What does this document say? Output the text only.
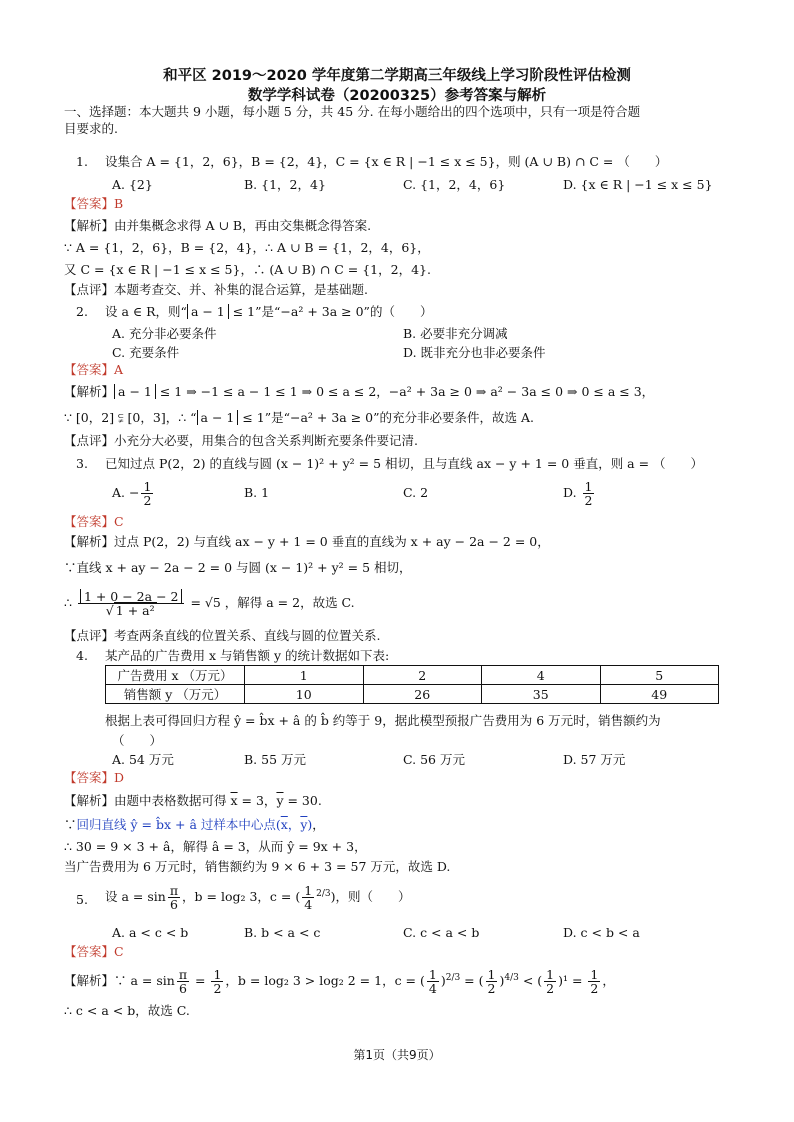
和平区 2019～2020 学年度第二学期高三年级线上学习阶段性评估检测
数学学科试卷（20200325）参考答案与解析
一、选择题：本大题共 9 小题，每小题 5 分，共 45 分. 在每小题给出的四个选项中，只有一项是符合题
目要求的.
1. 设集合 A = {1，2，6}，B = {2，4}，C = {x ∈ R | −1 ≤ x ≤ 5}，则 (A ∪ B) ∩ C = （　　）
A. {2}	B. {1，2，4}	C. {1，2，4，6}	D. {x ∈ R | −1 ≤ x ≤ 5}
【答案】B
【解析】由并集概念求得 A ∪ B，再由交集概念得答案.
∵ A = {1，2，6}，B = {2，4}，∴ A ∪ B = {1，2，4，6}，
又 C = {x ∈ R | −1 ≤ x ≤ 5}，∴ (A ∪ B) ∩ C = {1，2，4}.
【点评】本题考查交、并、补集的混合运算，是基础题.
2. 设 a ∈ R，则“ a − 1 ≤ 1”是“−a² + 3a ≥ 0”的（　　）
A. 充分非必要条件	B. 必要非充分调减
C. 充要条件	D. 既非充分也非必要条件
【答案】A
【解析】 a − 1 ≤ 1 ⇒ −1 ≤ a − 1 ≤ 1 ⇒ 0 ≤ a ≤ 2，−a² + 3a ≥ 0 ⇒ a² − 3a ≤ 0 ⇒ 0 ≤ a ≤ 3，
∵ [0，2] ⫋ [0，3]，∴ “ a − 1 ≤ 1”是“−a² + 3a ≥ 0”的充分非必要条件，故选 A.
【点评】小充分大必要，用集合的包含关系判断充要条件要记清.
3. 已知过点 P(2，2) 的直线与圆 (x − 1)² + y² = 5 相切，且与直线 ax − y + 1 = 0 垂直，则 a = （　　）
A. − $\frac{1}{2}$	B. 1	C. 2	D. $\frac{1}{2}$
【答案】C
【解析】过点 P(2，2) 与直线 ax − y + 1 = 0 垂直的直线为 x + ay − 2a − 2 = 0，
∵直线 x + ay − 2a − 2 = 0 与圆 (x − 1)² + y² = 5 相切，
∴ $\frac{1 + 0 - 2a - 2}{\text{√ 1 + a²}} = √5$ ，解得 a = 2，故选 C.
【点评】考查两条直线的位置关系、直线与圆的位置关系.
4. 某产品的广告费用 x 与销售额 y 的统计数据如下表:
广告费用 x （万元）	1	2	4	5
销售额 y （万元）	10	26	35	49
根据上表可得回归方程 ŷ = b̂x + â 的 b̂ 约等于 9，据此模型预报广告费用为 6 万元时，销售额约为
（　　）
A. 54 万元	B. 55 万元	C. 56 万元	D. 57 万元
【答案】D
【解析】由题中表格数据可得 $\overline{x} = 3$，$\overline{y} = 30$.
∵回归直线 ŷ = b̂x + â 过样本中心点($\overline{x}$，$\overline{y}$)，
∴ 30 = 9 × 3 + â，解得 â = 3，从而 ŷ = 9x + 3，
当广告费用为 6 万元时，销售额约为 9 × 6 + 3 = 57 万元，故选 D.
5. 设 $a = \sin \frac{\pi}{6}$ ，b = log₂ 3，c = ( $\frac{1}{4} ^{2/3}$)，则（　　）
A. a < c < b	B. b < a < c	C. c < a < b	D. c < b < a
【答案】C
【解析】∵ $a = \sin \frac{\pi}{6} = \frac{1}{2}$ ，b = log₂ 3 > log₂ 2 = 1，c = ( $\frac{1}{4} )^{2/3}$ = ( $\frac{1}{2} )^{4/3}$ < ( $\frac{1}{2} )^1 = \frac{1}{2}$ ，
∴ c < a < b，故选 C.
第1页（共9页）
